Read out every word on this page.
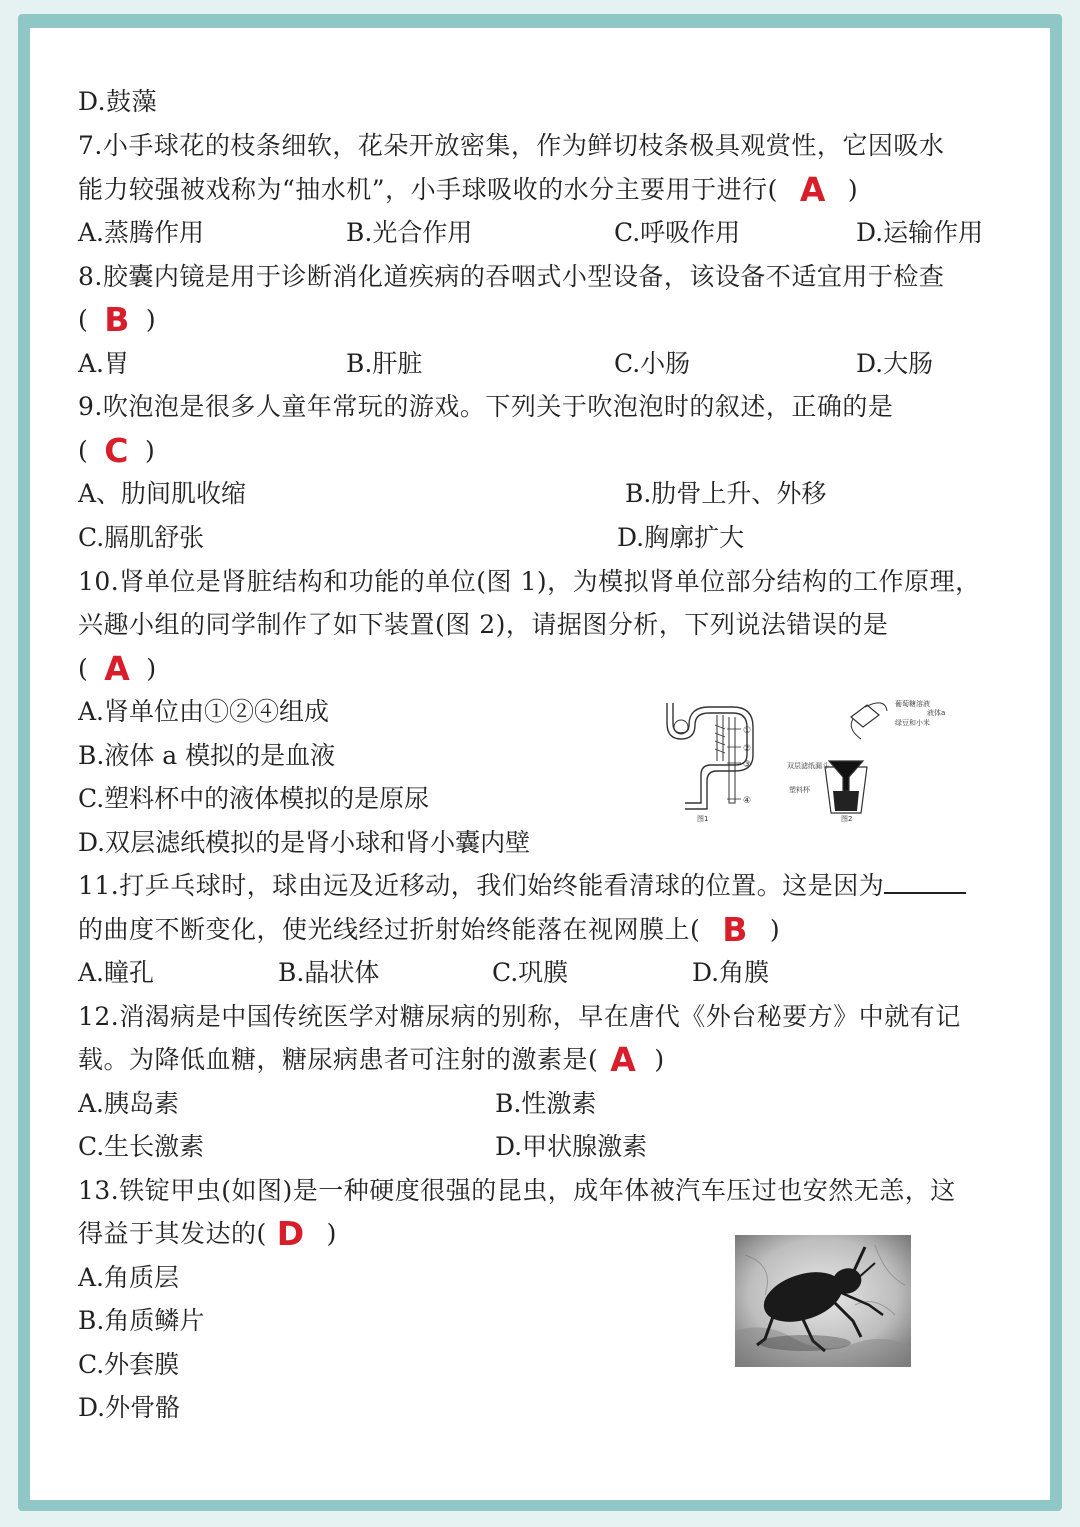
D.鼓藻
7.小手球花的枝条细软，花朵开放密集，作为鲜切枝条极具观赏性，它因吸水
能力较强被戏称为“抽水机”，小手球吸收的水分主要用于进行( A )
A.蒸腾作用	B.光合作用	C.呼吸作用	D.运输作用
8.胶囊内镜是用于诊断消化道疾病的吞咽式小型设备，该设备不适宜用于检查
( B )
A.胃	B.肝脏	C.小肠	D.大肠
9.吹泡泡是很多人童年常玩的游戏。下列关于吹泡泡时的叙述，正确的是
( C )
A、肋间肌收缩	B.肋骨上升、外移
C.膈肌舒张	D.胸廓扩大
10.肾单位是肾脏结构和功能的单位(图 1)，为模拟肾单位部分结构的工作原理，
兴趣小组的同学制作了如下装置(图 2)，请据图分析，下列说法错误的是
( A )
A.肾单位由①②④组成
B.液体 a 模拟的是血液
C.塑料杯中的液体模拟的是原尿
D.双层滤纸模拟的是肾小球和肾小囊内壁
①
②
③
④
图1
葡萄糖溶液
绿豆和小米
液体a
双层滤纸漏斗
塑料杯
图2
11.打乒乓球时，球由远及近移动，我们始终能看清球的位置。这是因为
的曲度不断变化，使光线经过折射始终能落在视网膜上( B )
A.瞳孔	B.晶状体	C.巩膜	D.角膜
12.消渴病是中国传统医学对糖尿病的别称，早在唐代《外台秘要方》中就有记
载。为降低血糖，糖尿病患者可注射的激素是( A )
A.胰岛素	B.性激素
C.生长激素	D.甲状腺激素
13.铁锭甲虫(如图)是一种硬度很强的昆虫，成年体被汽车压过也安然无恙，这
得益于其发达的( D )
A.角质层
B.角质鳞片
C.外套膜
D.外骨骼
